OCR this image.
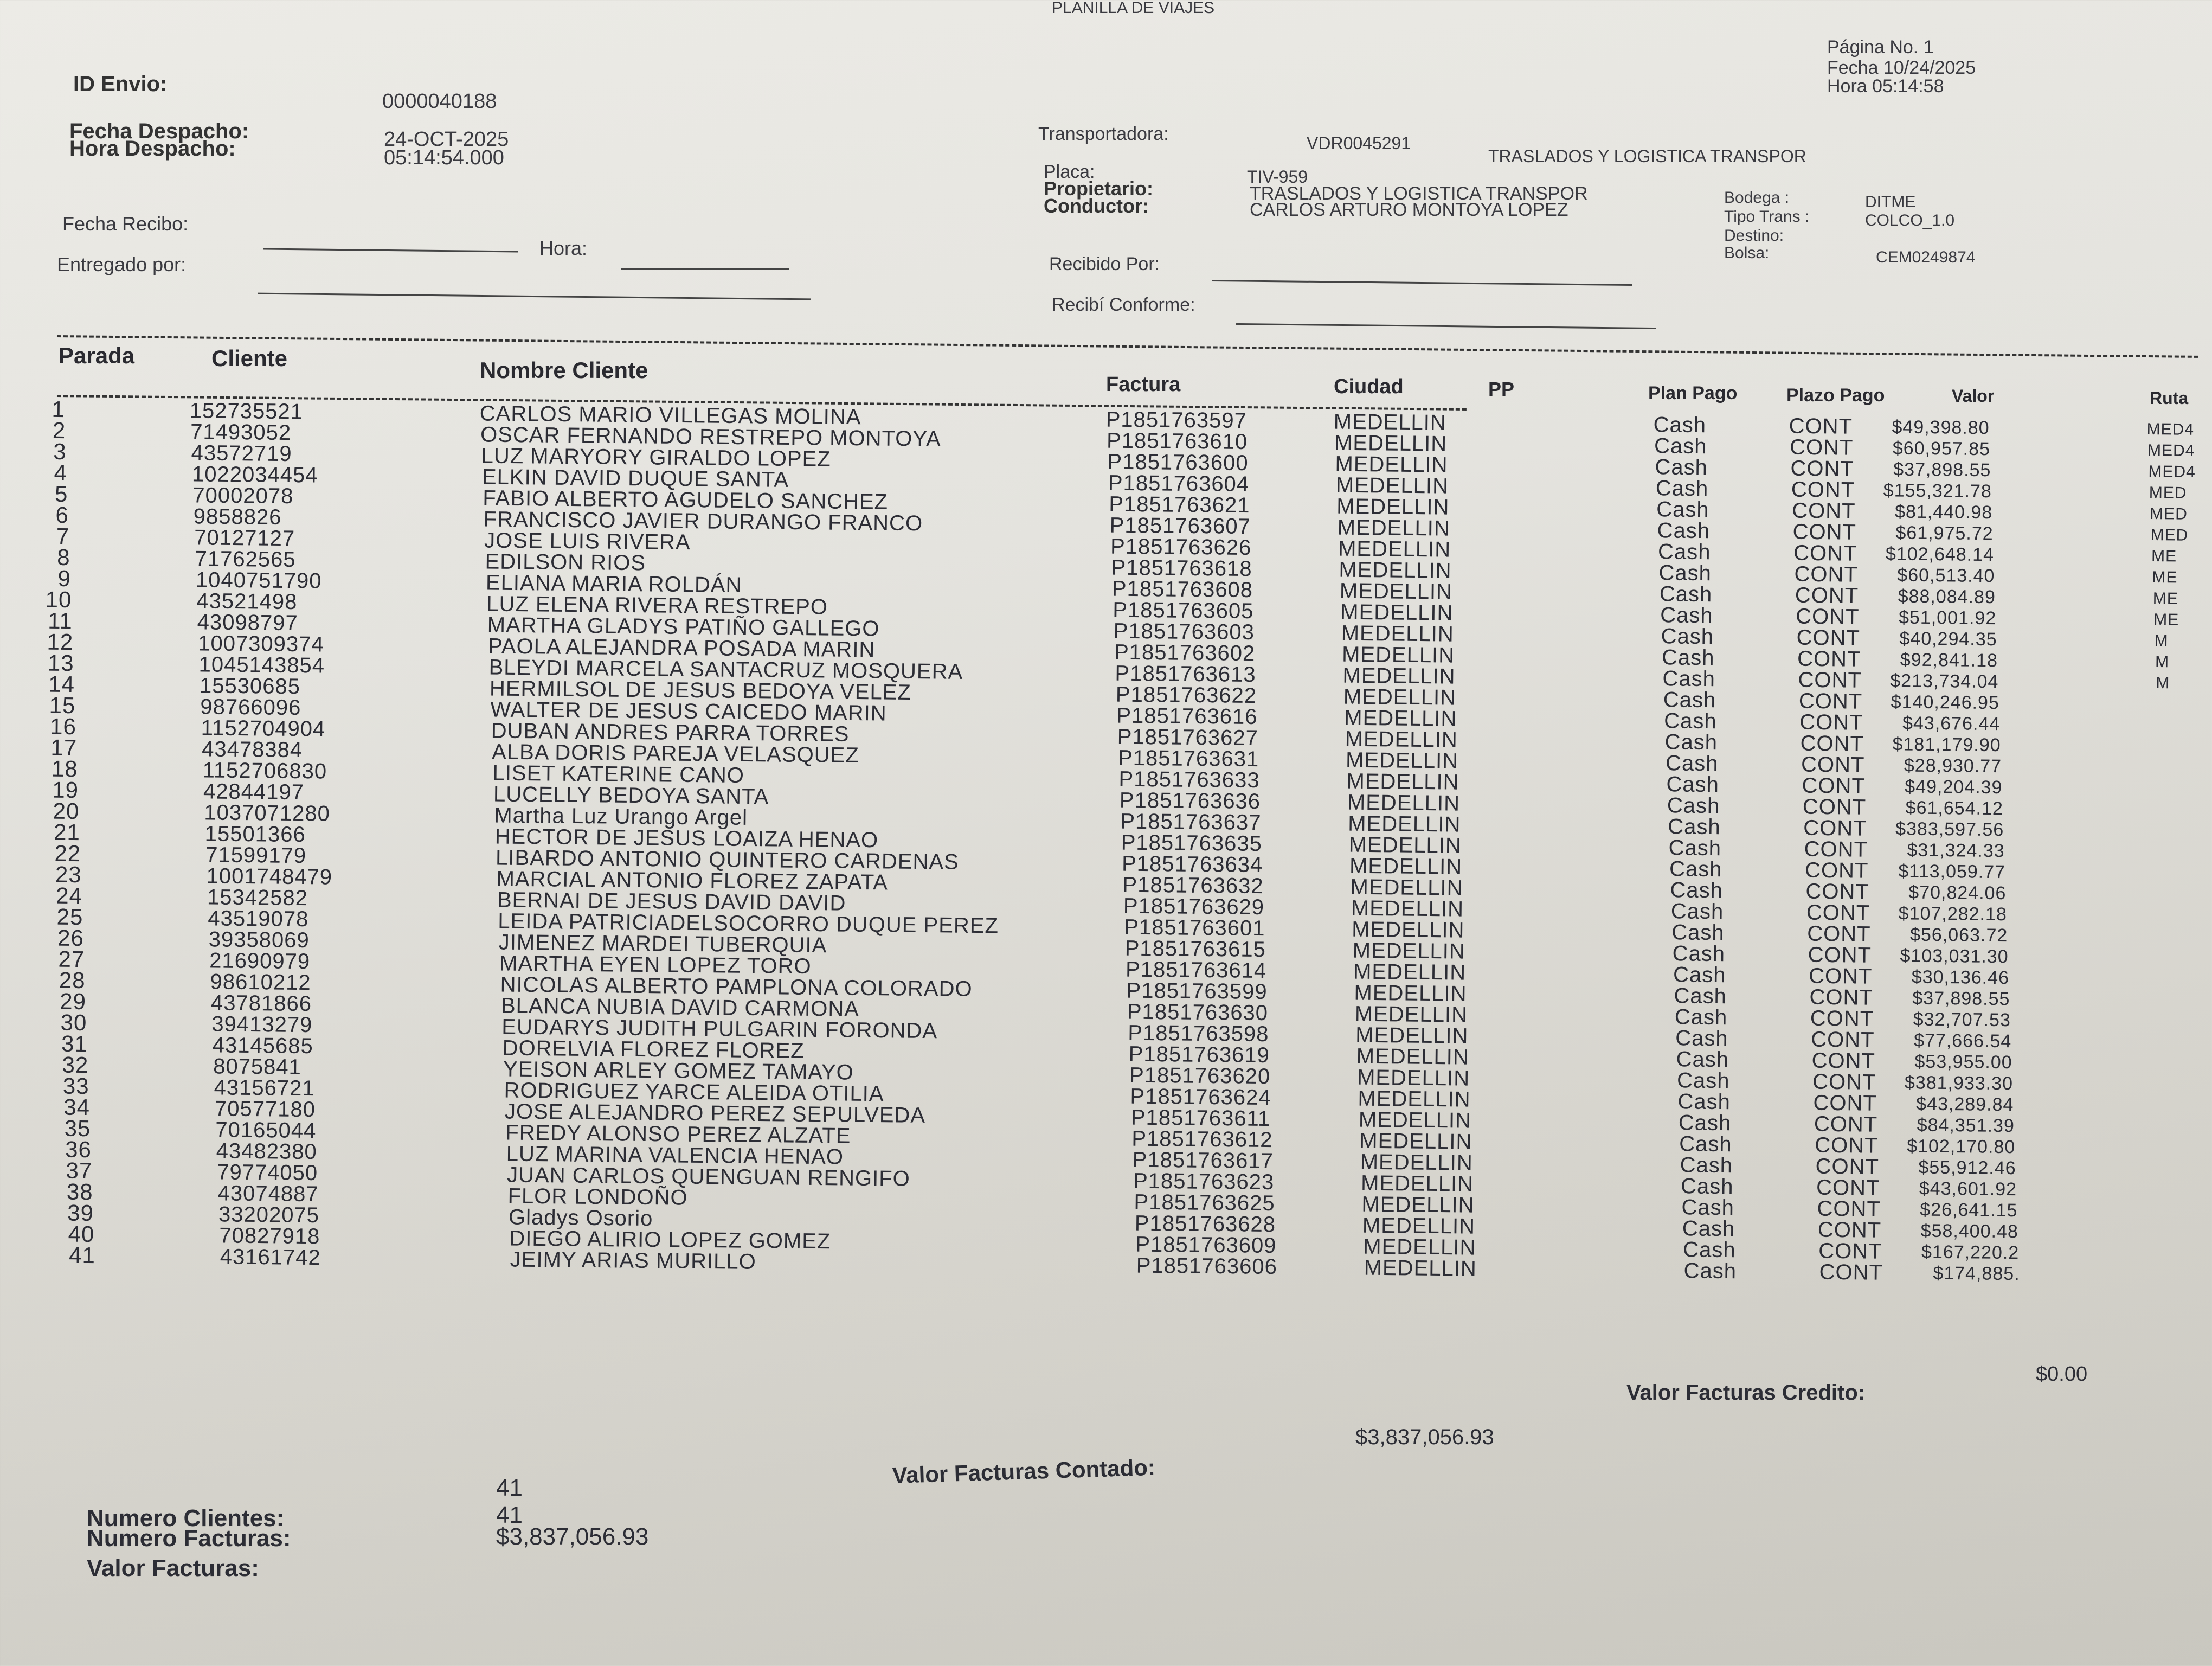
PLANILLA DE VIAJES
Página No. 1
Fecha 10/24/2025
Hora 05:14:58
ID Envio:
0000040188
Fecha Despacho:	24-OCT-2025
Hora Despacho:	05:14:54.000
Fecha Recibo:
Hora:
Entregado por:
Transportadora:	VDR0045291
TRASLADOS Y LOGISTICA TRANSPOR
Placa:	TIV-959
Propietario:	TRASLADOS Y LOGISTICA TRANSPOR
Conductor:	CARLOS ARTURO MONTOYA LOPEZ
Recibido Por:
Recibí Conforme:
Bodega :	DITME
Tipo Trans :	COLCO_1.0
Destino:
Bolsa:	CEM0249874
Parada	Cliente	Nombre Cliente
Factura	Ciudad	PP	Plan Pago	Plazo Pago	Valor	Ruta
1	152735521	CARLOS MARIO VILLEGAS MOLINA	P1851763597	MEDELLIN	Cash	CONT	$49,398.80	MED4
2	71493052	OSCAR FERNANDO RESTREPO MONTOYA	P1851763610	MEDELLIN	Cash	CONT	$60,957.85	MED4
3	43572719	LUZ MARYORY GIRALDO LOPEZ	P1851763600	MEDELLIN	Cash	CONT	$37,898.55	MED4
4	1022034454	ELKIN DAVID DUQUE SANTA	P1851763604	MEDELLIN	Cash	CONT	$155,321.78	MED
5	70002078	FABIO ALBERTO AGUDELO SANCHEZ	P1851763621	MEDELLIN	Cash	CONT	$81,440.98	MED
6	9858826	FRANCISCO JAVIER DURANGO FRANCO	P1851763607	MEDELLIN	Cash	CONT	$61,975.72	MED
7	70127127	JOSE LUIS RIVERA	P1851763626	MEDELLIN	Cash	CONT	$102,648.14	ME
8	71762565	EDILSON RIOS	P1851763618	MEDELLIN	Cash	CONT	$60,513.40	ME
9	1040751790	ELIANA MARIA ROLDÁN	P1851763608	MEDELLIN	Cash	CONT	$88,084.89	ME
10	43521498	LUZ ELENA RIVERA RESTREPO	P1851763605	MEDELLIN	Cash	CONT	$51,001.92	ME
11	43098797	MARTHA GLADYS PATIÑO GALLEGO	P1851763603	MEDELLIN	Cash	CONT	$40,294.35	M
12	1007309374	PAOLA ALEJANDRA POSADA MARIN	P1851763602	MEDELLIN	Cash	CONT	$92,841.18	M
13	1045143854	BLEYDI MARCELA SANTACRUZ MOSQUERA	P1851763613	MEDELLIN	Cash	CONT	$213,734.04	M
14	15530685	HERMILSOL DE JESUS BEDOYA VELEZ	P1851763622	MEDELLIN	Cash	CONT	$140,246.95
15	98766096	WALTER DE JESUS CAICEDO MARIN	P1851763616	MEDELLIN	Cash	CONT	$43,676.44
16	1152704904	DUBAN ANDRES PARRA TORRES	P1851763627	MEDELLIN	Cash	CONT	$181,179.90
17	43478384	ALBA DORIS PAREJA VELASQUEZ	P1851763631	MEDELLIN	Cash	CONT	$28,930.77
18	1152706830	LISET KATERINE CANO	P1851763633	MEDELLIN	Cash	CONT	$49,204.39
19	42844197	LUCELLY BEDOYA SANTA	P1851763636	MEDELLIN	Cash	CONT	$61,654.12
20	1037071280	Martha Luz Urango Argel	P1851763637	MEDELLIN	Cash	CONT	$383,597.56
21	15501366	HECTOR DE JESUS LOAIZA HENAO	P1851763635	MEDELLIN	Cash	CONT	$31,324.33
22	71599179	LIBARDO ANTONIO QUINTERO CARDENAS	P1851763634	MEDELLIN	Cash	CONT	$113,059.77
23	1001748479	MARCIAL ANTONIO FLOREZ ZAPATA	P1851763632	MEDELLIN	Cash	CONT	$70,824.06
24	15342582	BERNAI DE JESUS DAVID DAVID	P1851763629	MEDELLIN	Cash	CONT	$107,282.18
25	43519078	LEIDA PATRICIADELSOCORRO DUQUE PEREZ	P1851763601	MEDELLIN	Cash	CONT	$56,063.72
26	39358069	JIMENEZ MARDEI TUBERQUIA	P1851763615	MEDELLIN	Cash	CONT	$103,031.30
27	21690979	MARTHA EYEN LOPEZ TORO	P1851763614	MEDELLIN	Cash	CONT	$30,136.46
28	98610212	NICOLAS ALBERTO PAMPLONA COLORADO	P1851763599	MEDELLIN	Cash	CONT	$37,898.55
29	43781866	BLANCA NUBIA DAVID CARMONA	P1851763630	MEDELLIN	Cash	CONT	$32,707.53
30	39413279	EUDARYS JUDITH PULGARIN FORONDA	P1851763598	MEDELLIN	Cash	CONT	$77,666.54
31	43145685	DORELVIA FLOREZ FLOREZ	P1851763619	MEDELLIN	Cash	CONT	$53,955.00
32	8075841	YEISON ARLEY GOMEZ TAMAYO	P1851763620	MEDELLIN	Cash	CONT	$381,933.30
33	43156721	RODRIGUEZ YARCE ALEIDA OTILIA	P1851763624	MEDELLIN	Cash	CONT	$43,289.84
34	70577180	JOSE ALEJANDRO PEREZ SEPULVEDA	P1851763611	MEDELLIN	Cash	CONT	$84,351.39
35	70165044	FREDY ALONSO PEREZ ALZATE	P1851763612	MEDELLIN	Cash	CONT	$102,170.80
36	43482380	LUZ MARINA VALENCIA HENAO	P1851763617	MEDELLIN	Cash	CONT	$55,912.46
37	79774050	JUAN CARLOS QUENGUAN RENGIFO	P1851763623	MEDELLIN	Cash	CONT	$43,601.92
38	43074887	FLOR LONDOÑO	P1851763625	MEDELLIN	Cash	CONT	$26,641.15
39	33202075	Gladys Osorio	P1851763628	MEDELLIN	Cash	CONT	$58,400.48
40	70827918	DIEGO ALIRIO LOPEZ GOMEZ	P1851763609	MEDELLIN	Cash	CONT	$167,220.2
41	43161742	JEIMY ARIAS MURILLO	P1851763606	MEDELLIN	Cash	CONT	$174,885.
$0.00
Valor Facturas Credito:
$3,837,056.93
Valor Facturas Contado:
41
Numero Clientes:	41
Numero Facturas:	$3,837,056.93
Valor Facturas:
